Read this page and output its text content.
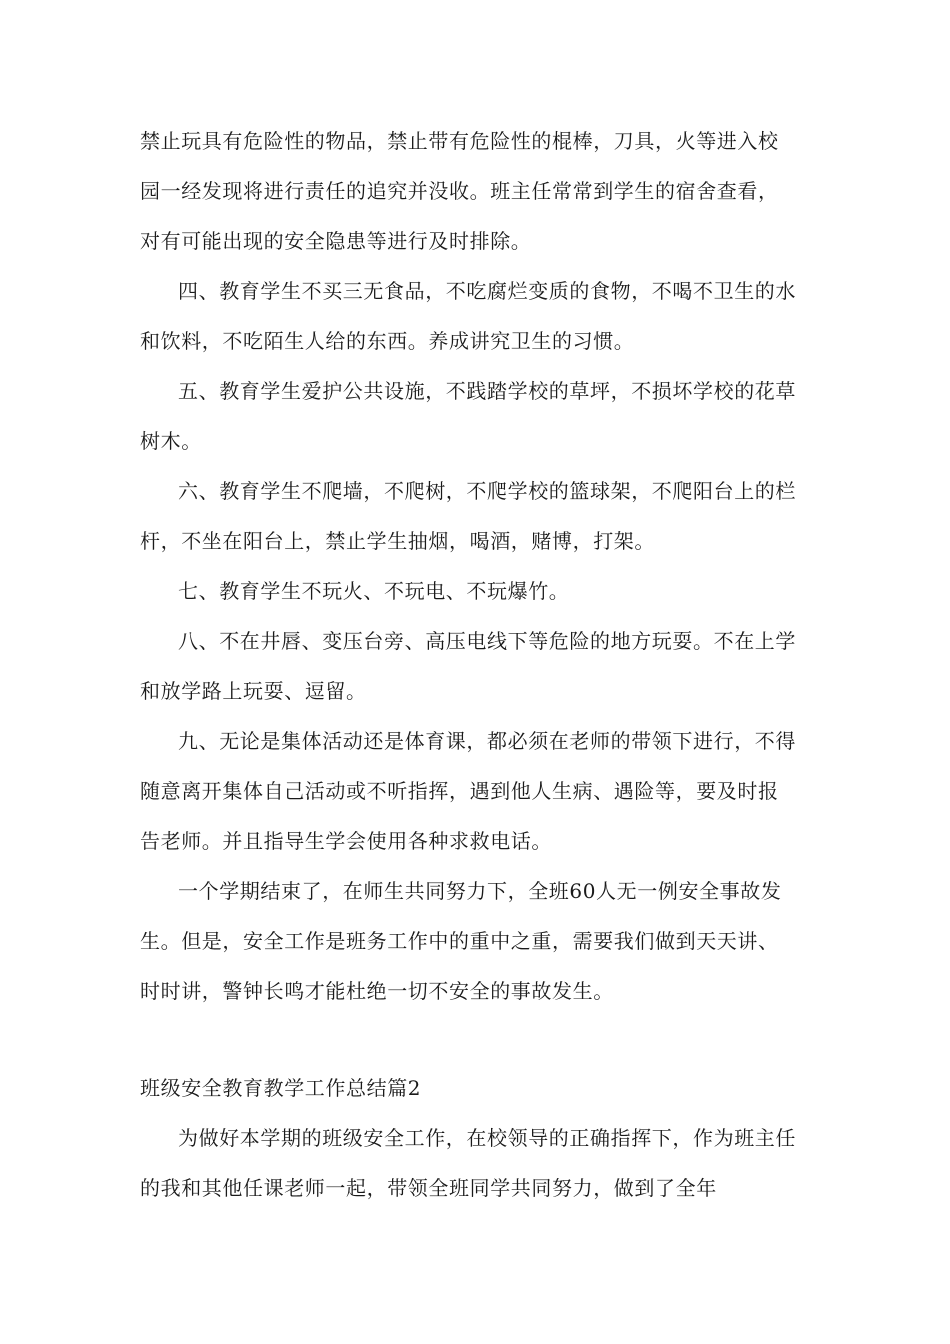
禁止玩具有危险性的物品，禁止带有危险性的棍棒，刀具，火等进入校
园一经发现将进行责任的追究并没收。班主任常常到学生的宿舍查看，
对有可能出现的安全隐患等进行及时排除。
四、教育学生不买三无食品，不吃腐烂变质的食物，不喝不卫生的水
和饮料，不吃陌生人给的东西。养成讲究卫生的习惯。
五、教育学生爱护公共设施，不践踏学校的草坪，不损坏学校的花草
树木。
六、教育学生不爬墙，不爬树，不爬学校的篮球架，不爬阳台上的栏
杆，不坐在阳台上，禁止学生抽烟，喝酒，赌博，打架。
七、教育学生不玩火、不玩电、不玩爆竹。
八、不在井唇、变压台旁、高压电线下等危险的地方玩耍。不在上学
和放学路上玩耍、逗留。
九、无论是集体活动还是体育课，都必须在老师的带领下进行，不得
随意离开集体自己活动或不听指挥，遇到他人生病、遇险等，要及时报
告老师。并且指导生学会使用各种求救电话。
一个学期结束了，在师生共同努力下，全班60人无一例安全事故发
生。但是，安全工作是班务工作中的重中之重，需要我们做到天天讲、
时时讲，警钟长鸣才能杜绝一切不安全的事故发生。
班级安全教育教学工作总结篇2
为做好本学期的班级安全工作，在校领导的正确指挥下，作为班主任
的我和其他任课老师一起，带领全班同学共同努力，做到了全年
